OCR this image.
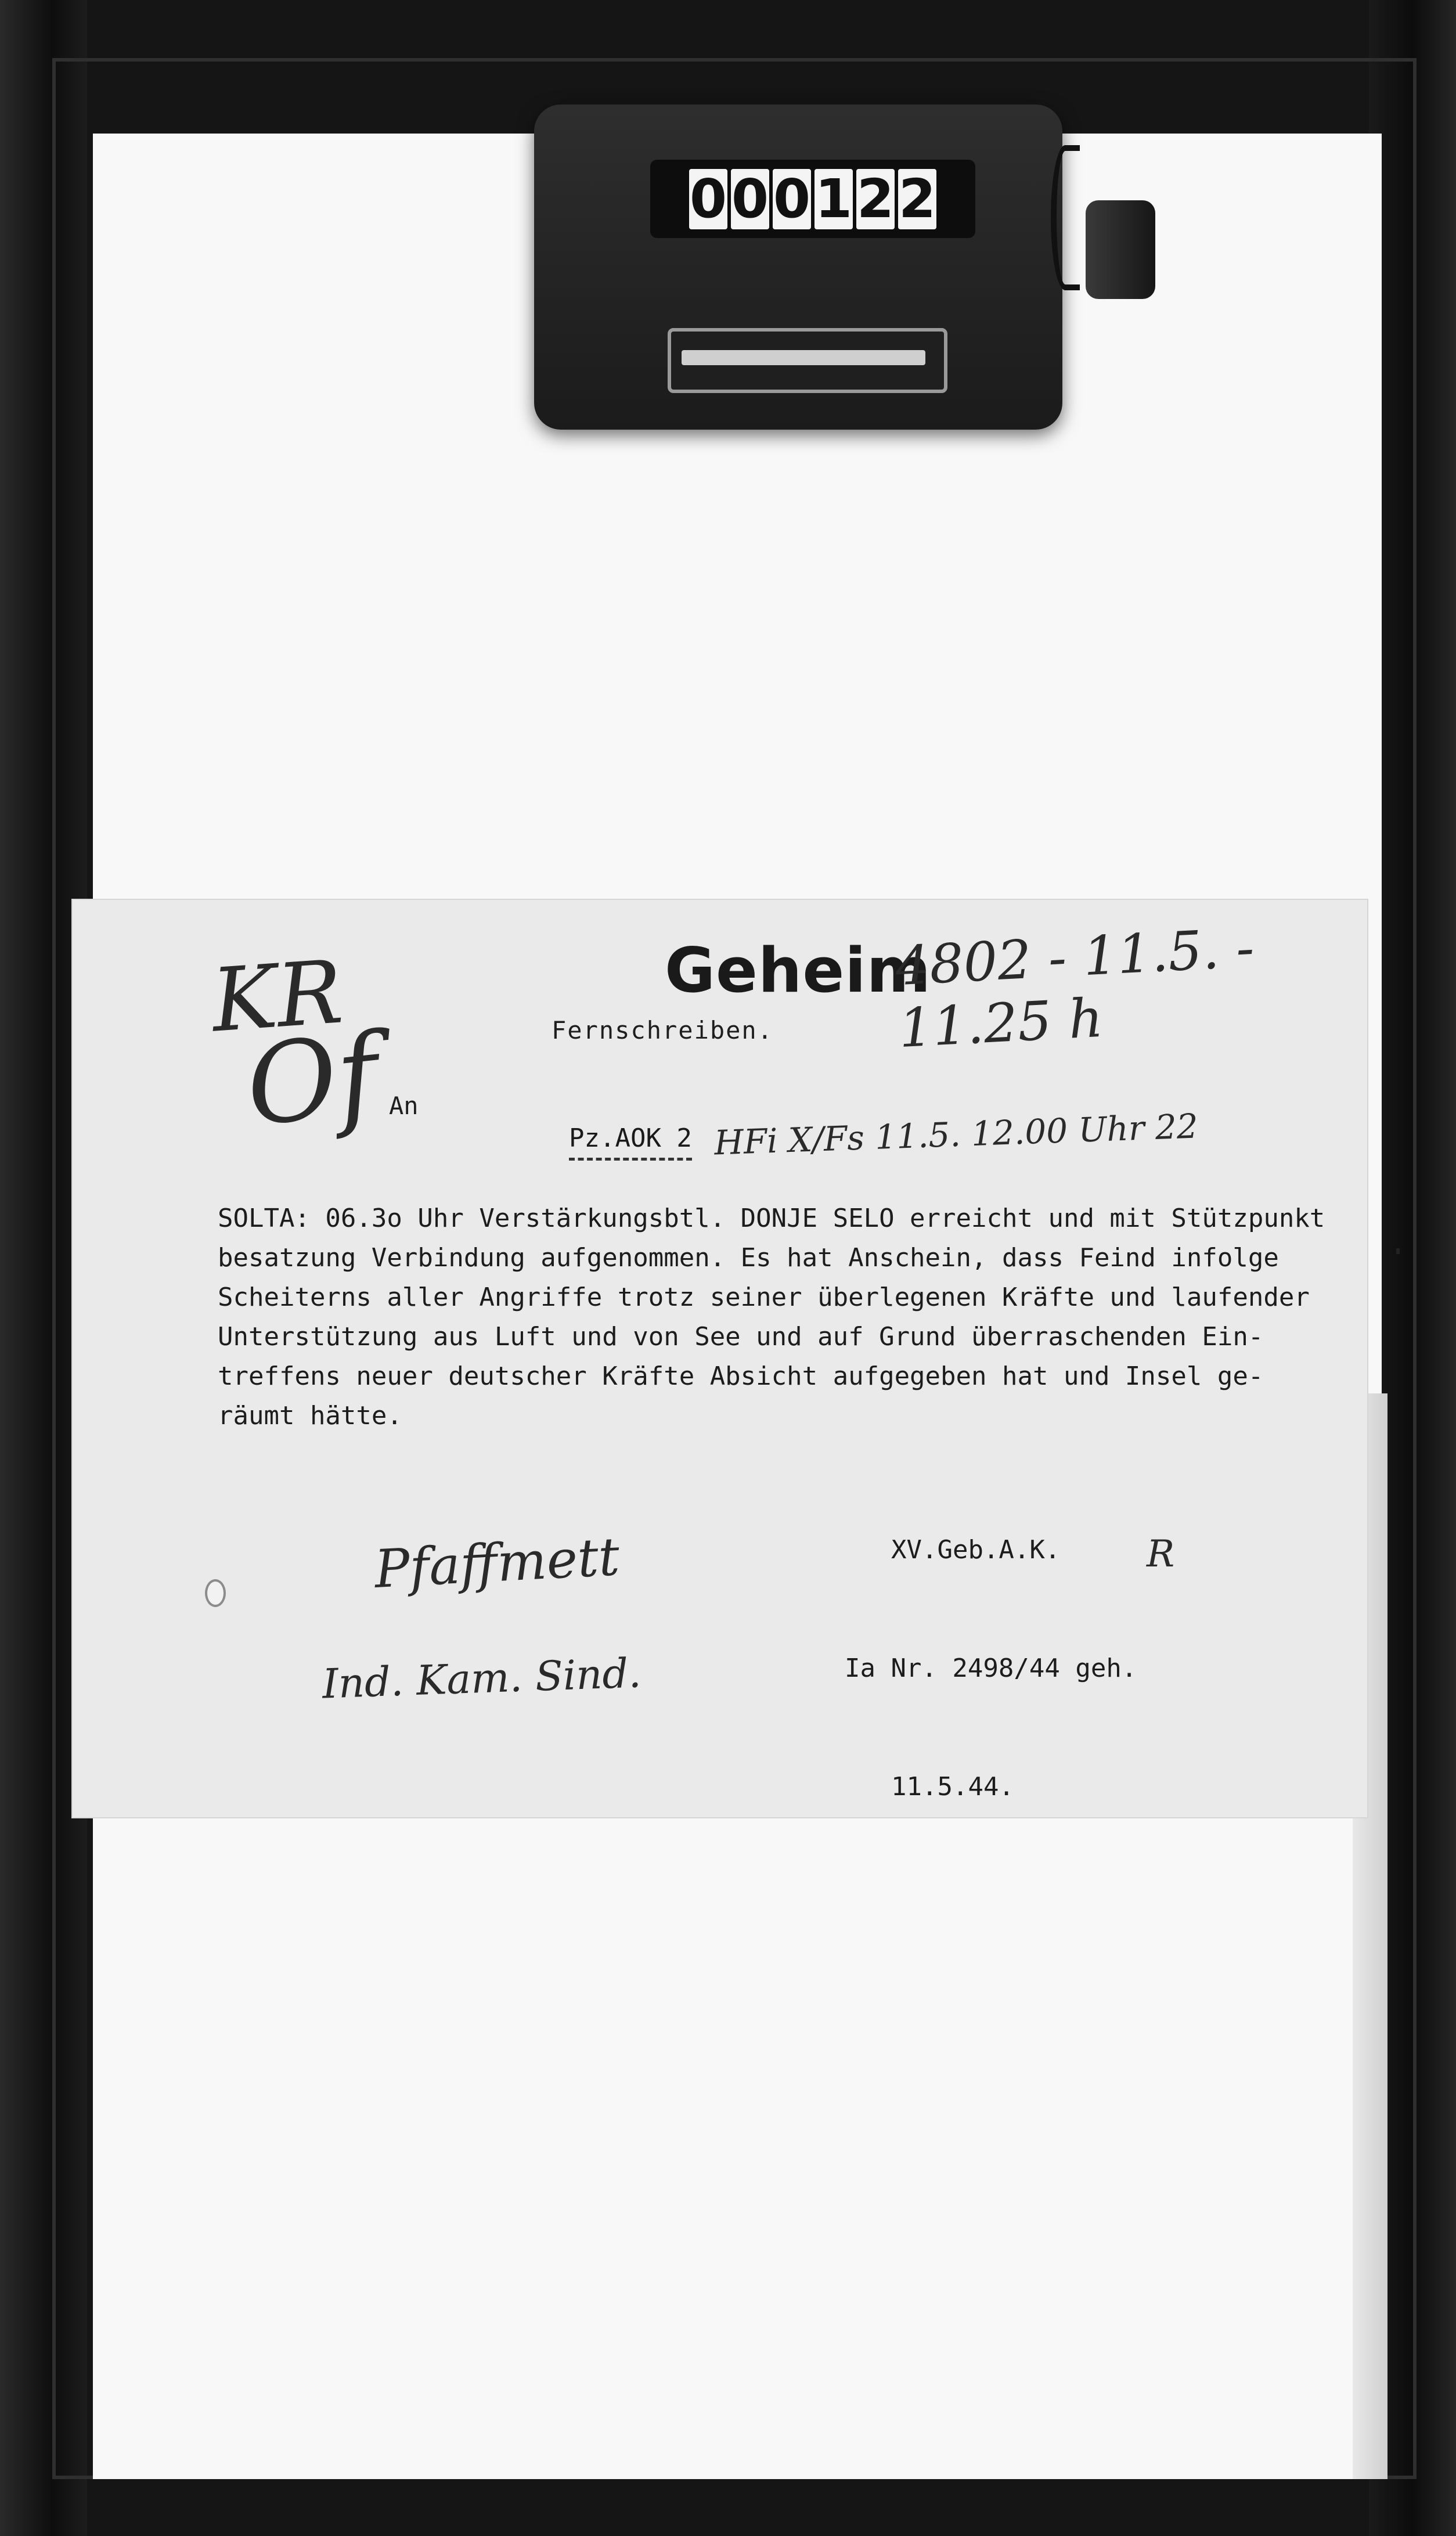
0 0 0 1 2 2
Geheim
4802 - 11.5. - 11.25 h
KR
Of	Fernschreiben.
An
Pz.AOK 2 HFi X/Fs 11.5. 12.00 Uhr 22
SOLTA: 06.3o Uhr Verstärkungsbtl. DONJE SELO erreicht und mit Stützpunkt
besatzung Verbindung aufgenommen. Es hat Anschein, dass Feind infolge
Scheiterns aller Angriffe trotz seiner überlegenen Kräfte und laufender
Unterstützung aus Luft und von See und auf Grund überraschenden Ein-
treffens neuer deutscher Kräfte Absicht aufgegeben hat und Insel ge-
räumt hätte.

XV.Geb.A.K.

Ia Nr. 2498/44 geh.

11.5.44.

Pfaffmett
Ind. Kam. Sind.
R
